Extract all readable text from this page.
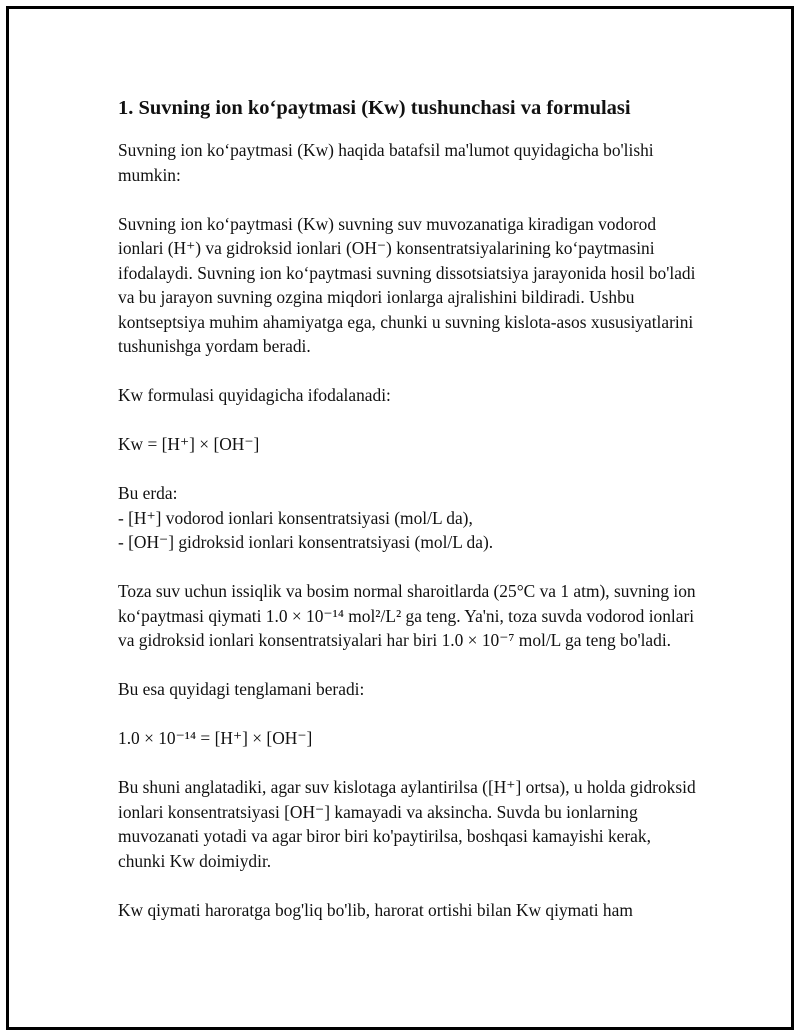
1. Suvning ion ko‘paytmasi (Kw) tushunchasi va formulasi

Suvning ion ko‘paytmasi (Kw) haqida batafsil ma'lumot quyidagicha bo'lishi mumkin:

Suvning ion ko‘paytmasi (Kw) suvning suv muvozanatiga kiradigan vodorod ionlari (H⁺) va gidroksid ionlari (OH⁻) konsentratsiyalarining ko‘paytmasini ifodalaydi. Suvning ion ko‘paytmasi suvning dissotsiatsiya jarayonida hosil bo'ladi va bu jarayon suvning ozgina miqdori ionlarga ajralishini bildiradi. Ushbu kontseptsiya muhim ahamiyatga ega, chunki u suvning kislota-asos xususiyatlarini tushunishga yordam beradi.

Kw formulasi quyidagicha ifodalanadi:

Kw = [H⁺] × [OH⁻]

Bu erda:

- [H⁺] vodorod ionlari konsentratsiyasi (mol/L da),

- [OH⁻] gidroksid ionlari konsentratsiyasi (mol/L da).

Toza suv uchun issiqlik va bosim normal sharoitlarda (25°C va 1 atm), suvning ion ko‘paytmasi qiymati 1.0 × 10⁻¹⁴ mol²/L² ga teng. Ya'ni, toza suvda vodorod ionlari va gidroksid ionlari konsentratsiyalari har biri 1.0 × 10⁻⁷ mol/L ga teng bo'ladi.

Bu esa quyidagi tenglamani beradi:

1.0 × 10⁻¹⁴ = [H⁺] × [OH⁻]

Bu shuni anglatadiki, agar suv kislotaga aylantirilsa ([H⁺] ortsa), u holda gidroksid ionlari konsentratsiyasi [OH⁻] kamayadi va aksincha. Suvda bu ionlarning muvozanati yotadi va agar biror biri ko'paytirilsa, boshqasi kamayishi kerak, chunki Kw doimiydir.

Kw qiymati haroratga bog'liq bo'lib, harorat ortishi bilan Kw qiymati ham
